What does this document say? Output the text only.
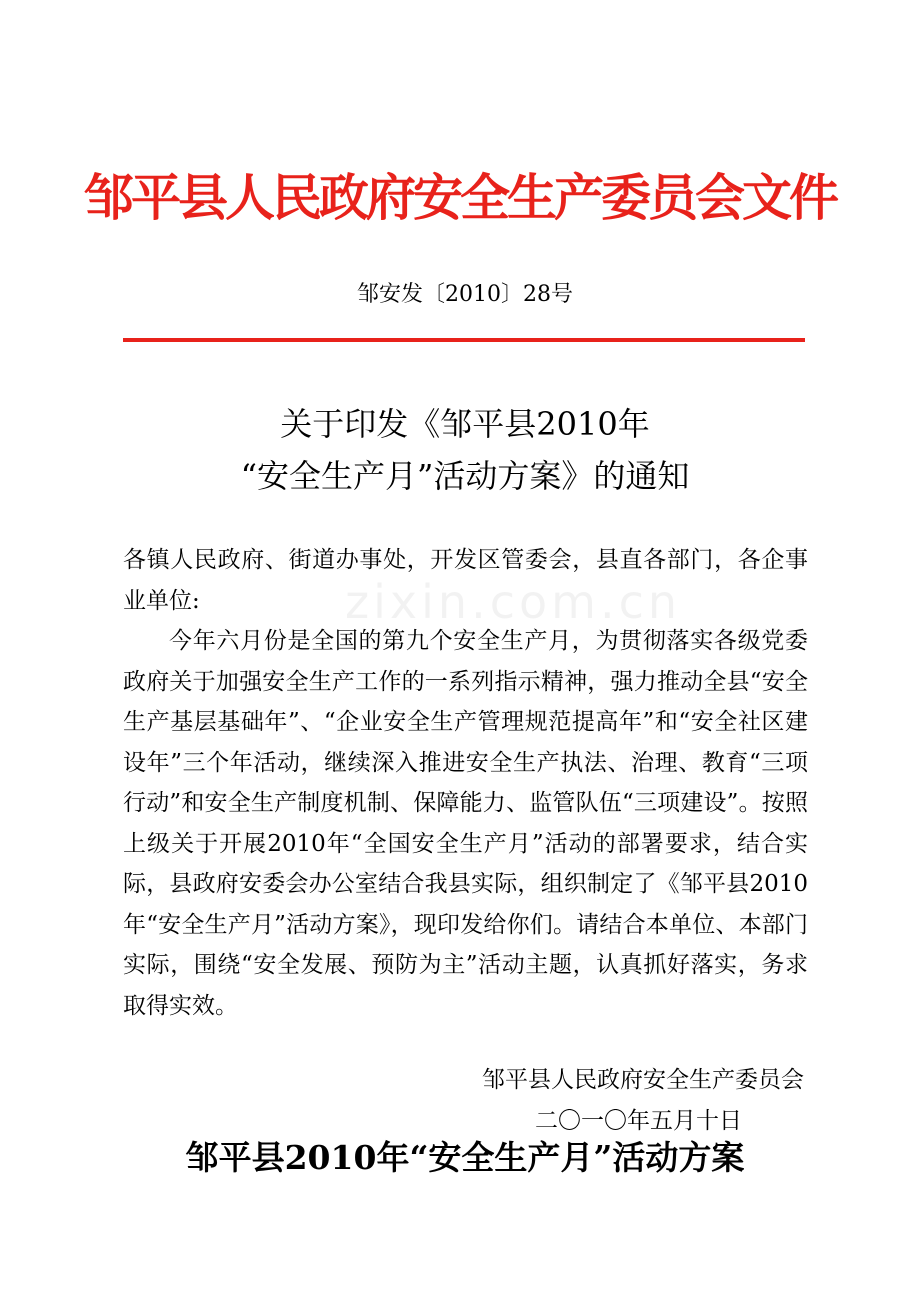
邹平县人民政府安全生产委员会文件
邹安发〔2010〕28号
关于印发《邹平县2010年
“安全生产月”活动方案》的通知
zixin.com.cn

各镇人民政府、街道办事处，开发区管委会，县直各部门，各企事业单位:

今年六月份是全国的第九个安全生产月，为贯彻落实各级党委政府关于加强安全生产工作的一系列指示精神，强力推动全县“安全生产基层基础年”、“企业安全生产管理规范提高年”和“安全社区建设年”三个年活动，继续深入推进安全生产执法、治理、教育“三项行动”和安全生产制度机制、保障能力、监管队伍“三项建设”。按照上级关于开展2010年“全国安全生产月”活动的部署要求，结合实际，县政府安委会办公室结合我县实际，组织制定了《邹平县2010年“安全生产月”活动方案》，现印发给你们。请结合本单位、本部门实际，围绕“安全发展、预防为主”活动主题，认真抓好落实，务求取得实效。

邹平县人民政府安全生产委员会
二〇一〇年五月十日
邹平县2010年“安全生产月”活动方案
